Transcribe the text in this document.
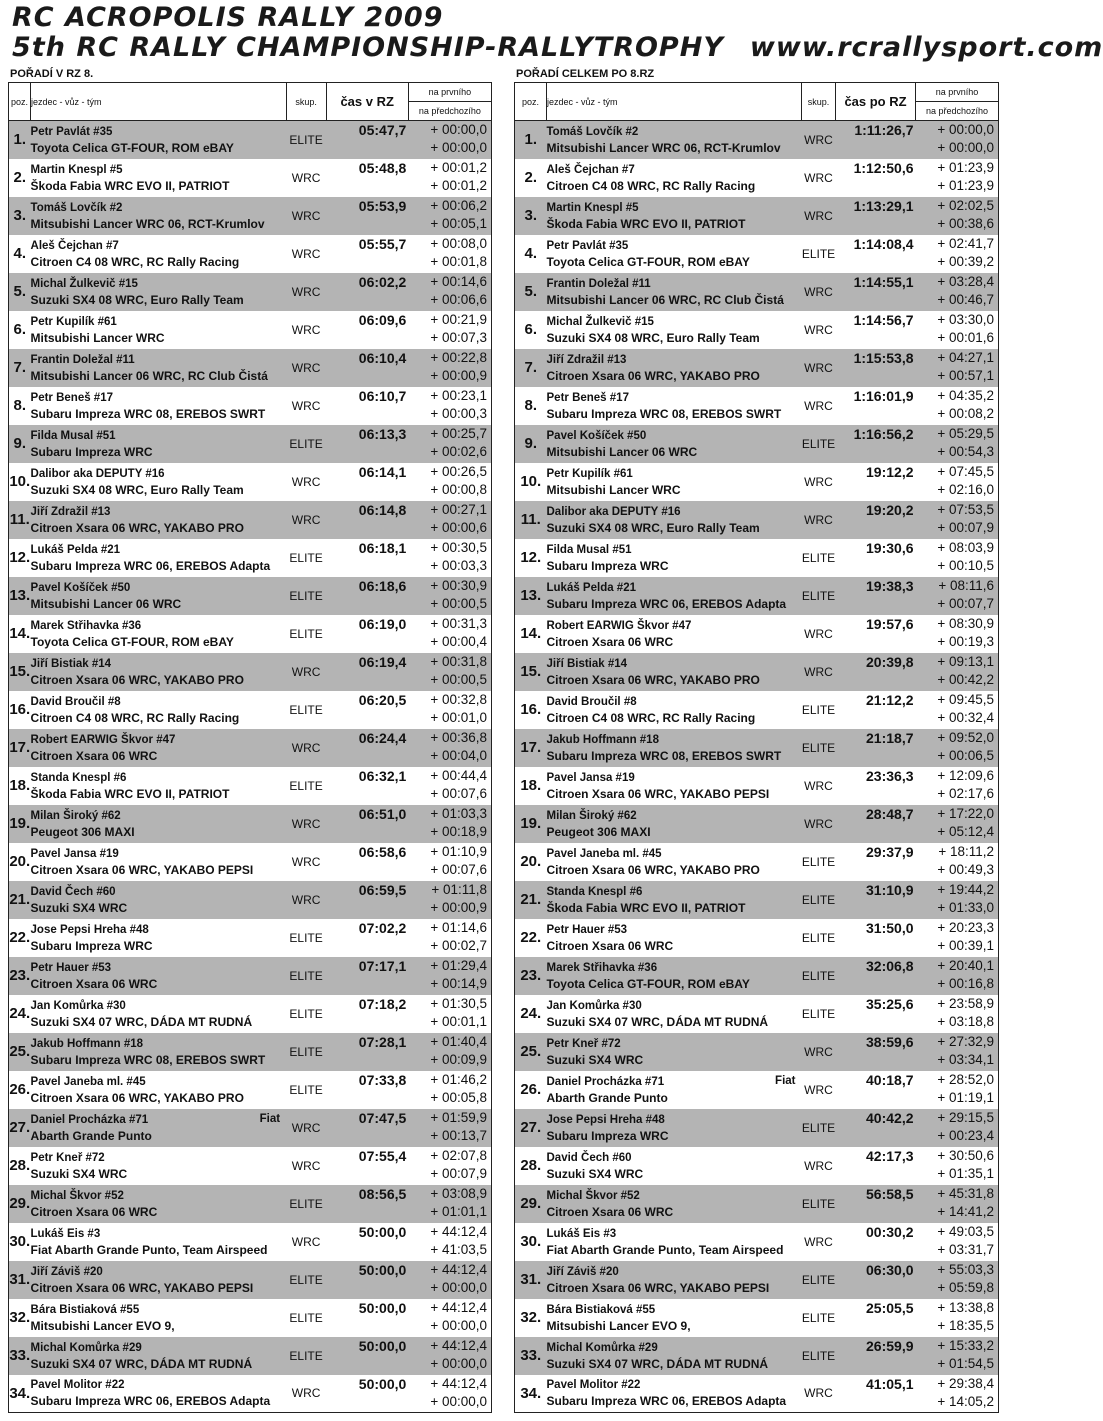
RC ACROPOLIS RALLY 2009
5th RC RALLY CHAMPIONSHIP-RALLYTROPHY www.rcrallysport.com
POŘADÍ V RZ 8.	POŘADÍ CELKEM PO 8.RZ
poz.	jezdec - vůz - tým	skup.	čas v RZ	na prvního
				na předchozího
1.	Petr Pavlát #35
Toyota Celica GT-FOUR, ROM eBAY	ELITE	05:47,7	+ 00:00,0
+ 00:00,0

2.	Martin Knespl #5
Škoda Fabia WRC EVO II, PATRIOT	WRC	05:48,8	+ 00:01,2
+ 00:01,2

3.	Tomáš Lovčík #2
Mitsubishi Lancer WRC 06, RCT-Krumlov	WRC	05:53,9	+ 00:06,2
+ 00:05,1

4.	Aleš Čejchan #7
Citroen C4 08 WRC, RC Rally Racing	WRC	05:55,7	+ 00:08,0
+ 00:01,8

5.	Michal Žulkevič #15
Suzuki SX4 08 WRC, Euro Rally Team	WRC	06:02,2	+ 00:14,6
+ 00:06,6

6.	Petr Kupilík #61
Mitsubishi Lancer WRC	WRC	06:09,6	+ 00:21,9
+ 00:07,3

7.	Frantin Doležal #11
Mitsubishi Lancer 06 WRC, RC Club Čistá	WRC	06:10,4	+ 00:22,8
+ 00:00,9

8.	Petr Beneš #17
Subaru Impreza WRC 08, EREBOS SWRT	WRC	06:10,7	+ 00:23,1
+ 00:00,3

9.	Filda Musal #51
Subaru Impreza WRC	ELITE	06:13,3	+ 00:25,7
+ 00:02,6

10.	Dalibor aka DEPUTY #16
Suzuki SX4 08 WRC, Euro Rally Team	WRC	06:14,1	+ 00:26,5
+ 00:00,8

11.	Jiří Zdražil #13
Citroen Xsara 06 WRC, YAKABO PRO	WRC	06:14,8	+ 00:27,1
+ 00:00,6

12.	Lukáš Pelda #21
Subaru Impreza WRC 06, EREBOS Adapta	ELITE	06:18,1	+ 00:30,5
+ 00:03,3

13.	Pavel Košíček #50
Mitsubishi Lancer 06 WRC	ELITE	06:18,6	+ 00:30,9
+ 00:00,5

14.	Marek Střihavka #36
Toyota Celica GT-FOUR, ROM eBAY	ELITE	06:19,0	+ 00:31,3
+ 00:00,4

15.	Jiří Bistiak #14
Citroen Xsara 06 WRC, YAKABO PRO	WRC	06:19,4	+ 00:31,8
+ 00:00,5

16.	David Broučil #8
Citroen C4 08 WRC, RC Rally Racing	ELITE	06:20,5	+ 00:32,8
+ 00:01,0

17.	Robert EARWIG Škvor #47
Citroen Xsara 06 WRC	WRC	06:24,4	+ 00:36,8
+ 00:04,0

18.	Standa Knespl #6
Škoda Fabia WRC EVO II, PATRIOT	ELITE	06:32,1	+ 00:44,4
+ 00:07,6

19.	Milan Široký #62
Peugeot 306 MAXI	WRC	06:51,0	+ 01:03,3
+ 00:18,9

20.	Pavel Jansa #19
Citroen Xsara 06 WRC, YAKABO PEPSI	WRC	06:58,6	+ 01:10,9
+ 00:07,6

21.	David Čech #60
Suzuki SX4 WRC	WRC	06:59,5	+ 01:11,8
+ 00:00,9

22.	Jose Pepsi Hreha #48
Subaru Impreza WRC	ELITE	07:02,2	+ 01:14,6
+ 00:02,7

23.	Petr Hauer #53
Citroen Xsara 06 WRC	ELITE	07:17,1	+ 01:29,4
+ 00:14,9

24.	Jan Komůrka #30
Suzuki SX4 07 WRC, DÁDA MT RUDNÁ	ELITE	07:18,2	+ 01:30,5
+ 00:01,1

25.	Jakub Hoffmann #18
Subaru Impreza WRC 08, EREBOS SWRT	ELITE	07:28,1	+ 01:40,4
+ 00:09,9

26.	Pavel Janeba ml. #45
Citroen Xsara 06 WRC, YAKABO PRO	ELITE	07:33,8	+ 01:46,2
+ 00:05,8

27.	Daniel Procházka #71
Abarth Grande Punto
Fiat	WRC	07:47,5	+ 01:59,9
+ 00:13,7

28.	Petr Kneř #72
Suzuki SX4 WRC	WRC	07:55,4	+ 02:07,8
+ 00:07,9

29.	Michal Škvor #52
Citroen Xsara 06 WRC	ELITE	08:56,5	+ 03:08,9
+ 01:01,1

30.	Lukáš Eis #3
Fiat Abarth Grande Punto, Team Airspeed	WRC	50:00,0	+ 44:12,4
+ 41:03,5

31.	Jiří Záviš #20
Citroen Xsara 06 WRC, YAKABO PEPSI	ELITE	50:00,0	+ 44:12,4
+ 00:00,0

32.	Bára Bistiaková #55
Mitsubishi Lancer EVO 9,	ELITE	50:00,0	+ 44:12,4
+ 00:00,0

33.	Michal Komůrka #29
Suzuki SX4 07 WRC, DÁDA MT RUDNÁ	ELITE	50:00,0	+ 44:12,4
+ 00:00,0

34.	Pavel Molitor #22
Subaru Impreza WRC 06, EREBOS Adapta	WRC	50:00,0	+ 44:12,4
+ 00:00,0
poz.	jezdec - vůz - tým	skup.	čas po RZ	na prvního
				na předchozího
1.	Tomáš Lovčík #2
Mitsubishi Lancer WRC 06, RCT-Krumlov	WRC	1:11:26,7	+ 00:00,0
+ 00:00,0

2.	Aleš Čejchan #7
Citroen C4 08 WRC, RC Rally Racing	WRC	1:12:50,6	+ 01:23,9
+ 01:23,9

3.	Martin Knespl #5
Škoda Fabia WRC EVO II, PATRIOT	WRC	1:13:29,1	+ 02:02,5
+ 00:38,6

4.	Petr Pavlát #35
Toyota Celica GT-FOUR, ROM eBAY	ELITE	1:14:08,4	+ 02:41,7
+ 00:39,2

5.	Frantin Doležal #11
Mitsubishi Lancer 06 WRC, RC Club Čistá	WRC	1:14:55,1	+ 03:28,4
+ 00:46,7

6.	Michal Žulkevič #15
Suzuki SX4 08 WRC, Euro Rally Team	WRC	1:14:56,7	+ 03:30,0
+ 00:01,6

7.	Jiří Zdražil #13
Citroen Xsara 06 WRC, YAKABO PRO	WRC	1:15:53,8	+ 04:27,1
+ 00:57,1

8.	Petr Beneš #17
Subaru Impreza WRC 08, EREBOS SWRT	WRC	1:16:01,9	+ 04:35,2
+ 00:08,2

9.	Pavel Košíček #50
Mitsubishi Lancer 06 WRC	ELITE	1:16:56,2	+ 05:29,5
+ 00:54,3

10.	Petr Kupilík #61
Mitsubishi Lancer WRC	WRC	19:12,2	+ 07:45,5
+ 02:16,0

11.	Dalibor aka DEPUTY #16
Suzuki SX4 08 WRC, Euro Rally Team	WRC	19:20,2	+ 07:53,5
+ 00:07,9

12.	Filda Musal #51
Subaru Impreza WRC	ELITE	19:30,6	+ 08:03,9
+ 00:10,5

13.	Lukáš Pelda #21
Subaru Impreza WRC 06, EREBOS Adapta	ELITE	19:38,3	+ 08:11,6
+ 00:07,7

14.	Robert EARWIG Škvor #47
Citroen Xsara 06 WRC	WRC	19:57,6	+ 08:30,9
+ 00:19,3

15.	Jiří Bistiak #14
Citroen Xsara 06 WRC, YAKABO PRO	WRC	20:39,8	+ 09:13,1
+ 00:42,2

16.	David Broučil #8
Citroen C4 08 WRC, RC Rally Racing	ELITE	21:12,2	+ 09:45,5
+ 00:32,4

17.	Jakub Hoffmann #18
Subaru Impreza WRC 08, EREBOS SWRT	ELITE	21:18,7	+ 09:52,0
+ 00:06,5

18.	Pavel Jansa #19
Citroen Xsara 06 WRC, YAKABO PEPSI	WRC	23:36,3	+ 12:09,6
+ 02:17,6

19.	Milan Široký #62
Peugeot 306 MAXI	WRC	28:48,7	+ 17:22,0
+ 05:12,4

20.	Pavel Janeba ml. #45
Citroen Xsara 06 WRC, YAKABO PRO	ELITE	29:37,9	+ 18:11,2
+ 00:49,3

21.	Standa Knespl #6
Škoda Fabia WRC EVO II, PATRIOT	ELITE	31:10,9	+ 19:44,2
+ 01:33,0

22.	Petr Hauer #53
Citroen Xsara 06 WRC	ELITE	31:50,0	+ 20:23,3
+ 00:39,1

23.	Marek Střihavka #36
Toyota Celica GT-FOUR, ROM eBAY	ELITE	32:06,8	+ 20:40,1
+ 00:16,8

24.	Jan Komůrka #30
Suzuki SX4 07 WRC, DÁDA MT RUDNÁ	ELITE	35:25,6	+ 23:58,9
+ 03:18,8

25.	Petr Kneř #72
Suzuki SX4 WRC	WRC	38:59,6	+ 27:32,9
+ 03:34,1

26.	Daniel Procházka #71
Abarth Grande Punto
Fiat	WRC	40:18,7	+ 28:52,0
+ 01:19,1

27.	Jose Pepsi Hreha #48
Subaru Impreza WRC	ELITE	40:42,2	+ 29:15,5
+ 00:23,4

28.	David Čech #60
Suzuki SX4 WRC	WRC	42:17,3	+ 30:50,6
+ 01:35,1

29.	Michal Škvor #52
Citroen Xsara 06 WRC	ELITE	56:58,5	+ 45:31,8
+ 14:41,2

30.	Lukáš Eis #3
Fiat Abarth Grande Punto, Team Airspeed	WRC	00:30,2	+ 49:03,5
+ 03:31,7

31.	Jiří Záviš #20
Citroen Xsara 06 WRC, YAKABO PEPSI	ELITE	06:30,0	+ 55:03,3
+ 05:59,8

32.	Bára Bistiaková #55
Mitsubishi Lancer EVO 9,	ELITE	25:05,5	+ 13:38,8
+ 18:35,5

33.	Michal Komůrka #29
Suzuki SX4 07 WRC, DÁDA MT RUDNÁ	ELITE	26:59,9	+ 15:33,2
+ 01:54,5

34.	Pavel Molitor #22
Subaru Impreza WRC 06, EREBOS Adapta	WRC	41:05,1	+ 29:38,4
+ 14:05,2
